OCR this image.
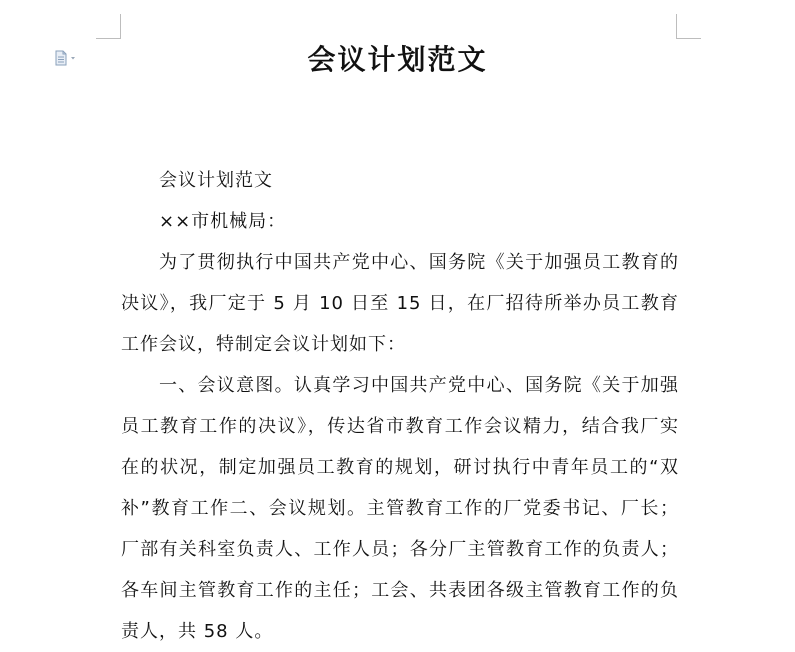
会议计划范文

会议计划范文

××市机械局：

为了贯彻执行中国共产党中心、国务院《关于加强员工教育的决议》，我厂定于 5 月 10 日至 15 日，在厂招待所举办员工教育工作会议，特制定会议计划如下：

一、会议意图。认真学习中国共产党中心、国务院《关于加强员工教育工作的决议》，传达省市教育工作会议精力，结合我厂实在的状况，制定加强员工教育的规划，研讨执行中青年员工的“双补”教育工作二、会议规划。主管教育工作的厂党委书记、厂长；厂部有关科室负责人、工作人员；各分厂主管教育工作的负责人；各车间主管教育工作的主任；工会、共表团各级主管教育工作的负责人，共 58 人。
